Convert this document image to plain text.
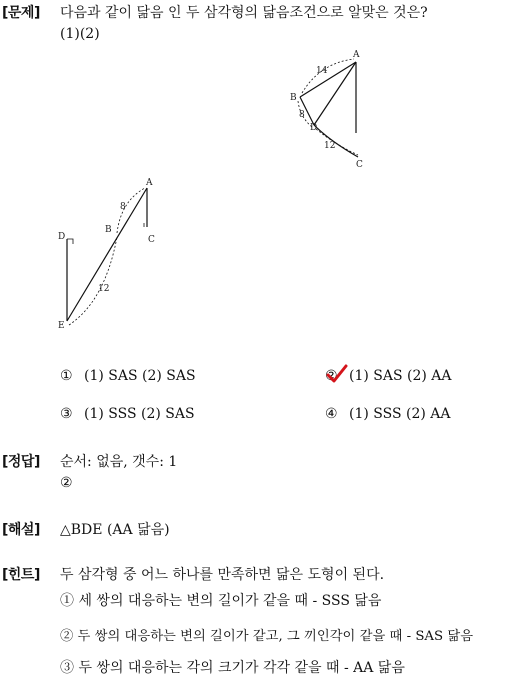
[문제] 다음과 같이 닮음 인 두 삼각형의 닮음조건으로 알맞은 것은?
(1)(2)
A
B
C
D
14
8
12
A
B
C
D
E
8
12
① (1) SAS (2) SAS	② (1) SAS (2) AA
③ (1) SSS (2) SAS	④ (1) SSS (2) AA
[정답] 순서: 없음, 갯수: 1
②
[해설] △BDE (AA 닮음)
[힌트] 두 삼각형 중 어느 하나를 만족하면 닮은 도형이 된다.
① 세 쌍의 대응하는 변의 길이가 같을 때 - SSS 닮음
② 두 쌍의 대응하는 변의 길이가 같고, 그 끼인각이 같을 때 - SAS 닮음
③ 두 쌍의 대응하는 각의 크기가 각각 같을 때 - AA 닮음
